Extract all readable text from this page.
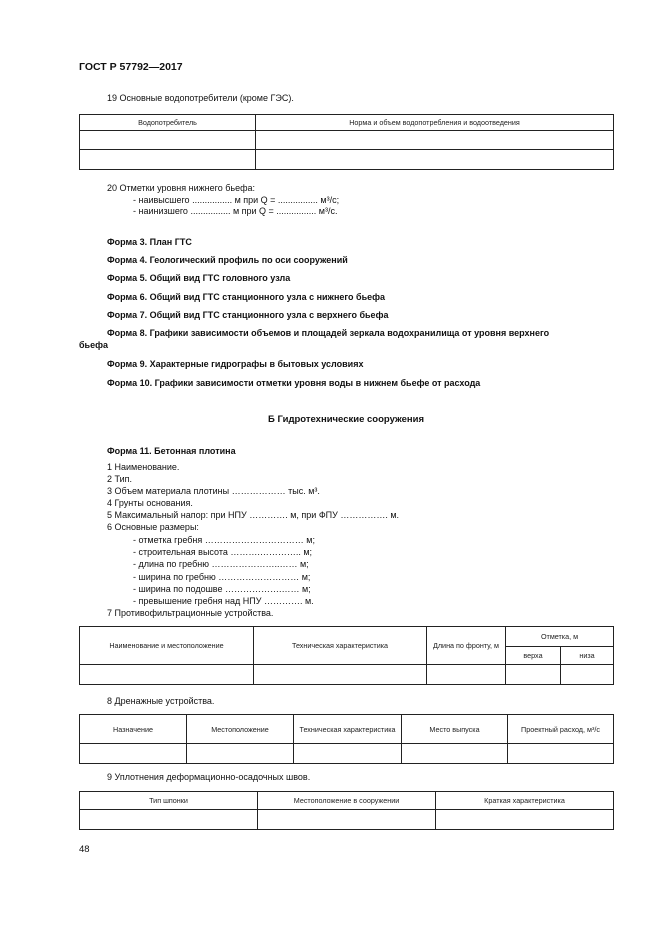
ГОСТ Р 57792—2017
19 Основные водопотребители (кроме ГЭС).
Водопотребитель	Норма и объем водопотребления и водоотведения

20 Отметки уровня нижнего бьефа:
- наивысшего ................ м при Q = ................ м³/с;
- наинизшего ................ м при Q = ................ м³/с.
Форма 3. План ГТС
Форма 4. Геологический профиль по оси сооружений
Форма 5. Общий вид ГТС головного узла
Форма 6. Общий вид ГТС станционного узла с нижнего бьефа
Форма 7. Общий вид ГТС станционного узла с верхнего бьефа
Форма 8. Графики зависимости объемов и площадей зеркала водохранилища от уровня верхнего
бьефа
Форма 9. Характерные гидрографы в бытовых условиях
Форма 10. Графики зависимости отметки уровня воды в нижнем бьефе от расхода
Б Гидротехнические сооружения
Форма 11. Бетонная плотина
1 Наименование.
2 Тип.
3 Объем материала плотины ……………… тыс. м³.
4 Грунты основания.
5 Максимальный напор: при НПУ …………. м, при ФПУ ……………. м.
6 Основные размеры:
- отметка гребня …………………………… м;
- строительная высота ……….………….. м;
- длина по гребню …………………..…… м;
- ширина по гребню ……………………… м;
- ширина по подошве ……………….…… м;
- превышение гребня над НПУ …………. м.
7 Противофильтрационные устройства.
Наименование и местоположение	Техническая характеристика	Длина по фронту, м	Отметка, м	
			верха	низа

8 Дренажные устройства.
Назначение	Местоположение	Техническая характеристика	Место выпуска	Проектный расход, м³/с

9 Уплотнения деформационно-осадочных швов.
Тип шпонки	Местоположение в сооружении	Краткая характеристика

48
